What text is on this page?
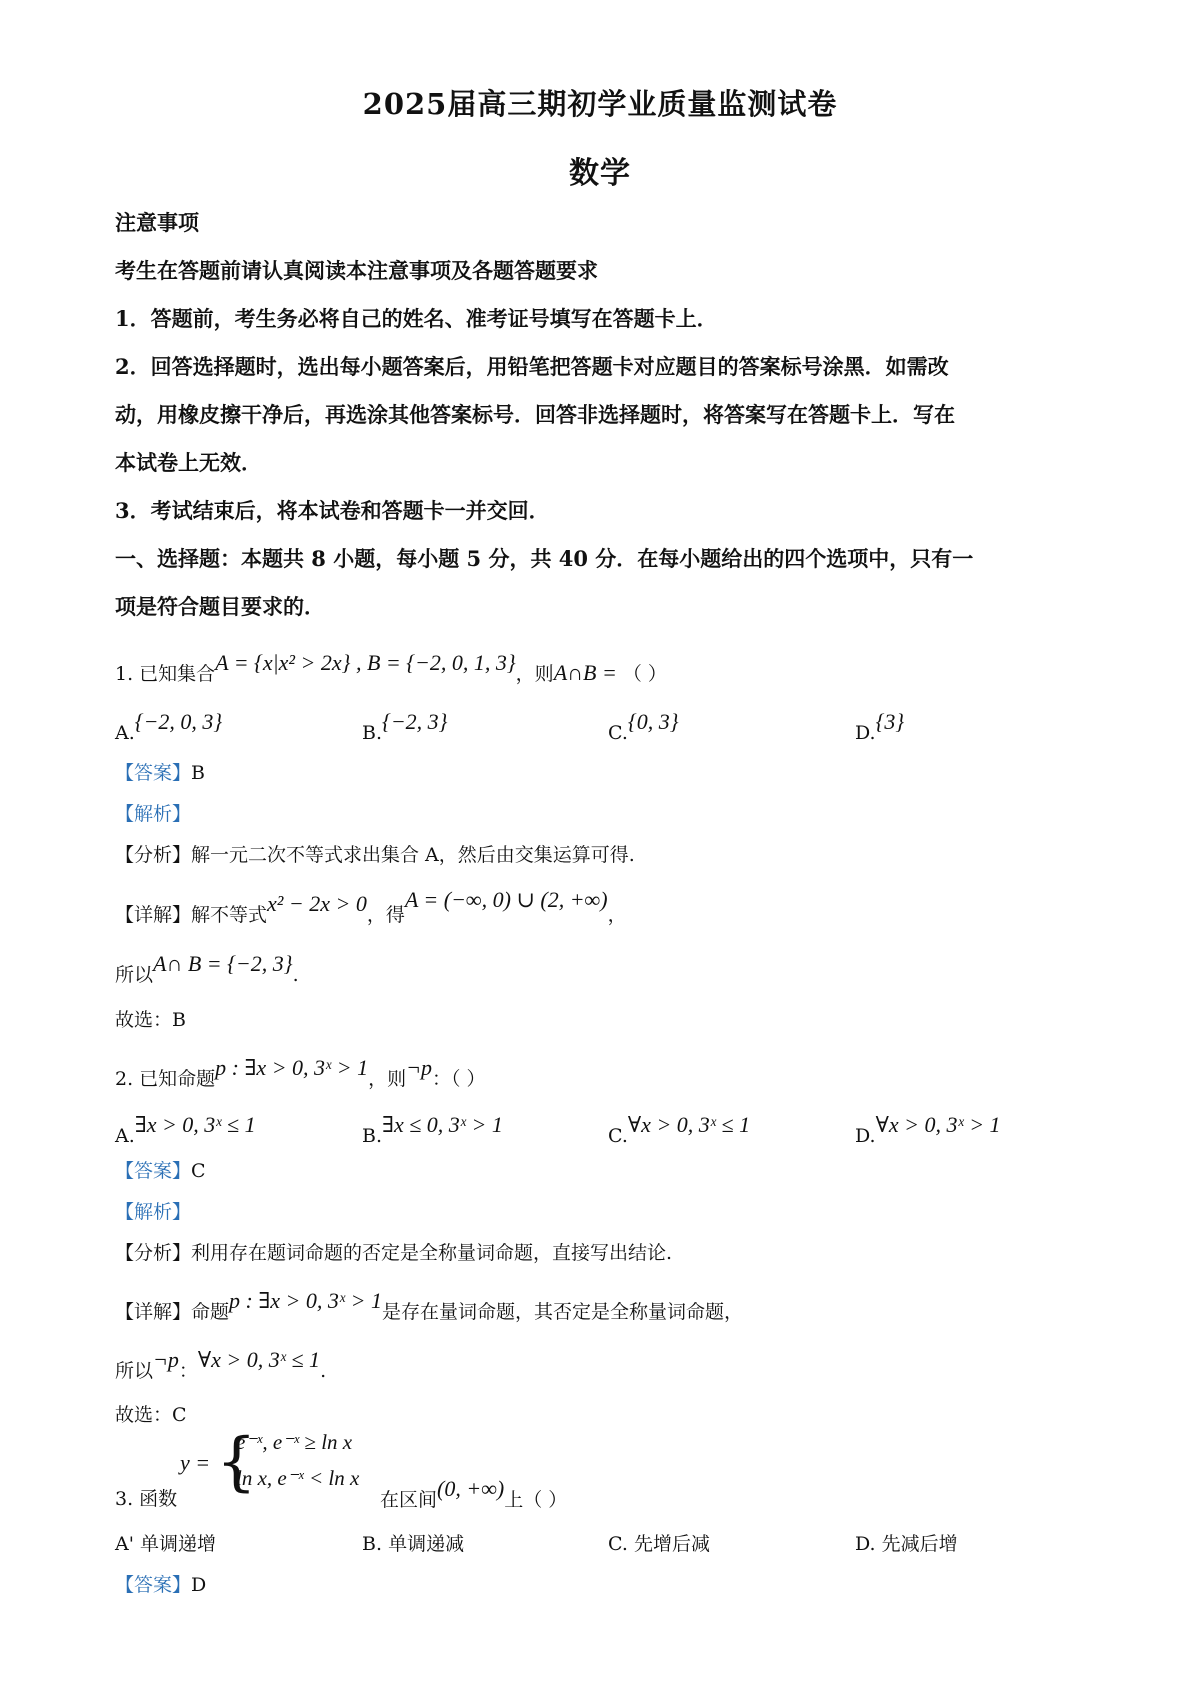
2025届高三期初学业质量监测试卷
数学
注意事项
考生在答题前请认真阅读本注意事项及各题答题要求
1．答题前，考生务必将自己的姓名、准考证号填写在答题卡上．
2．回答选择题时，选出每小题答案后，用铅笔把答题卡对应题目的答案标号涂黑．如需改
动，用橡皮擦干净后，再选涂其他答案标号．回答非选择题时，将答案写在答题卡上．写在
本试卷上无效．
3．考试结束后，将本试卷和答题卡一并交回．
一、选择题：本题共 8 小题，每小题 5 分，共 40 分．在每小题给出的四个选项中，只有一
项是符合题目要求的．
1. 已知集合A = {x|x² > 2x} , B = {−2, 0, 1, 3}，则A∩B = （ ）
A.{−2, 0, 3}	B.{−2, 3}	C.{0, 3}	D.{3}
【答案】B
【解析】
【分析】解一元二次不等式求出集合 A，然后由交集运算可得.
【详解】解不等式x² − 2x > 0，得A = (−∞, 0) ∪ (2, +∞)，
所以A∩ B = {−2, 3}.
故选：B
2. 已知命题p : ∃x > 0, 3ˣ > 1，则¬p：（ ）
A.∃x > 0, 3ˣ ≤ 1	B.∃x ≤ 0, 3ˣ > 1	C.∀x > 0, 3ˣ ≤ 1	D.∀x > 0, 3ˣ > 1
【答案】C
【解析】
【分析】利用存在题词命题的否定是全称量词命题，直接写出结论.
【详解】命题p : ∃x > 0, 3ˣ > 1是存在量词命题，其否定是全称量词命题，
所以¬p：∀x > 0, 3ˣ ≤ 1.
故选：C
y = {
e⁻ˣ, e⁻ˣ ≥ ln x
ln x, e⁻ˣ < ln x
3. 函数	在区间(0, +∞)上（ ）
A' 单调递增	B. 单调递减	C. 先增后减	D. 先减后增
【答案】D
